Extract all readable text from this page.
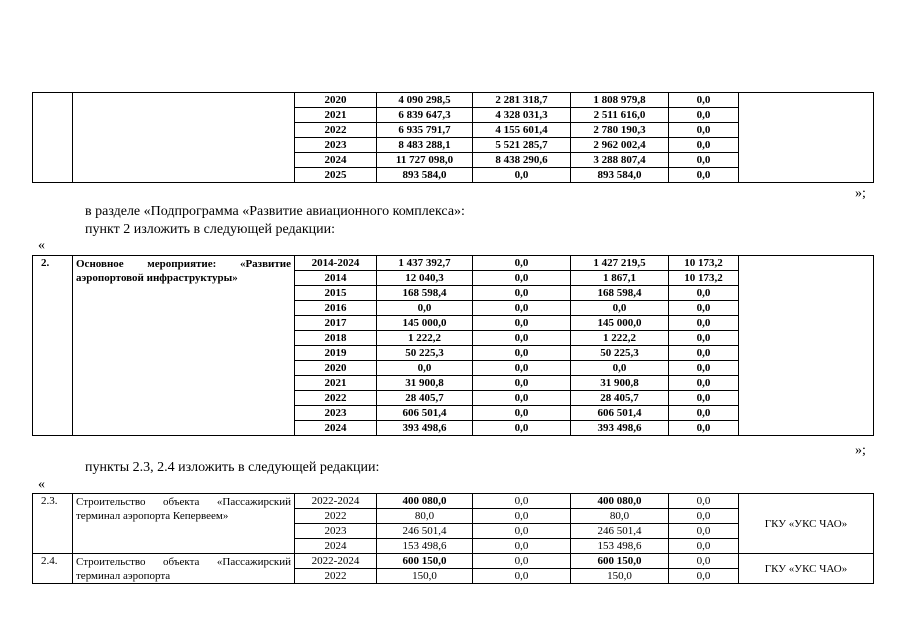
		2020	4 090 298,5	2 281 318,7	1 808 979,8	0,0	
		2021	6 839 647,3	4 328 031,3	2 511 616,0	0,0	
		2022	6 935 791,7	4 155 601,4	2 780 190,3	0,0	
		2023	8 483 288,1	5 521 285,7	2 962 002,4	0,0	
		2024	11 727 098,0	8 438 290,6	3 288 807,4	0,0	
		2025	893 584,0	0,0	893 584,0	0,0	
»;
в разделе «Подпрограмма «Развитие авиационного комплекса»:
пункт 2 изложить в следующей редакции:
«
2.	Основное мероприятие: «Развитие аэропортовой инфраструктуры»	2014-2024	1 437 392,7	0,0	1 427 219,5	10 173,2	
		2014	12 040,3	0,0	1 867,1	10 173,2	
		2015	168 598,4	0,0	168 598,4	0,0	
		2016	0,0	0,0	0,0	0,0	
		2017	145 000,0	0,0	145 000,0	0,0	
		2018	1 222,2	0,0	1 222,2	0,0	
		2019	50 225,3	0,0	50 225,3	0,0	
		2020	0,0	0,0	0,0	0,0	
		2021	31 900,8	0,0	31 900,8	0,0	
		2022	28 405,7	0,0	28 405,7	0,0	
		2023	606 501,4	0,0	606 501,4	0,0	
		2024	393 498,6	0,0	393 498,6	0,0	
»;
пункты 2.3, 2.4 изложить в следующей редакции:
«
2.3.	Строительство объекта «Пассажирский терминал аэропорта Кепервеем»	2022-2024	400 080,0	0,0	400 080,0	0,0	ГКУ «УКС ЧАО»
		2022	80,0	0,0	80,0	0,0	
		2023	246 501,4	0,0	246 501,4	0,0	
		2024	153 498,6	0,0	153 498,6	0,0	
2.4.	Строительство объекта «Пассажирский терминал аэропорта	2022-2024	600 150,0	0,0	600 150,0	0,0	ГКУ «УКС ЧАО»
		2022	150,0	0,0	150,0	0,0	
